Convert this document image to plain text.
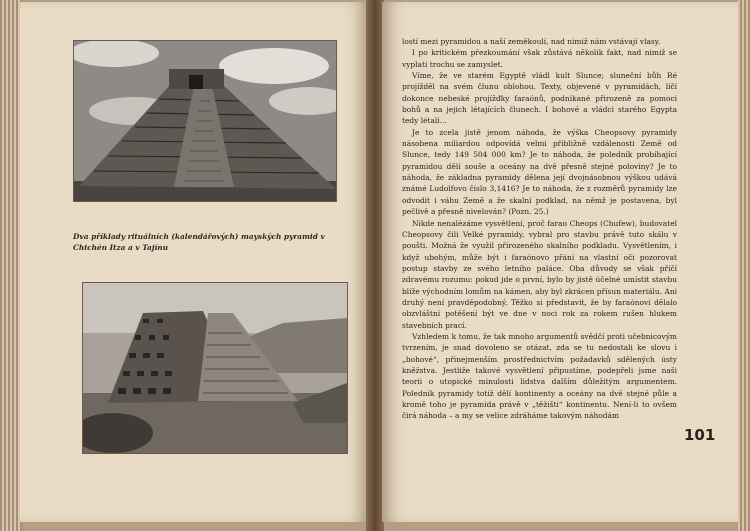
Dva příklady rituálních (kalendářových) mayských pyramid v Chichén Itza a v Tajínu

lostí mezi pyramidou a naší zeměkoulí, nad nimiž nám vstávají vlasy.

I po kritickém přezkoumání však zůstává několik fakt, nad nimiž se vyplatí trochu se zamyslet.

Víme, že ve starém Egyptě vládl kult Slunce; sluneční bůh Ré projížděl na svém člunu oblohou. Texty, objevené v pyramidách, líčí dokonce nebeské projížďky faraónů, podnikané přirozeně za pomoci bohů a na jejich létajících člunech. I bohové a vládci starého Egypta tedy létali…

Je to zcela jistě jenom náhoda, že výška Cheopsovy pyramidy násobena miliardou odpovídá velmi přibližně vzdálenosti Země od Slunce, tedy 149 504 000 km? Je to náhoda, že poledník probíhající pyramidou dělí souše a oceány na dvě přesně stejné poloviny? Je to náhoda, že základna pyramidy dělena její dvojnásobnou výškou udává známé Ludolfovo číslo 3,1416? Je to náhoda, že z rozměrů pyramidy lze odvodit i váhu Země a že skalní podklad, na němž je postavena, byl pečlivě a přesně nivelován? (Pozn. 25.)

Nikde nenalézáme vysvětlení, proč farao Cheops (Chufew), budovatel Cheopsovy čili Velké pyramidy, vybral pro stavbu právě tuto skálu v poušti. Možná že využil přirozeného skalního podkladu. Vysvětlením, i když ubohým, může být i faraónovo přání na vlastní oči pozorovat postup stavby ze svého letního paláce. Oba důvody se však příčí zdravému rozumu: pokud jde o první, bylo by jistě účelné umístit stavbu blíže východním lomům na kámen, aby byl zkrácen přísun materiálu. Ani druhý není pravděpodobný. Těžko si představit, že by faraónovi dělalo obzvláštní potěšení být ve dne v noci rok za rokem rušen hlukem stavebních prací.

Vzhledem k tomu, že tak mnoho argumentů svědčí proti učebnicovým tvrzením, je snad dovoleno se otázat, zda se tu nedostali ke slovu i „bohové“, přinejmenším prostřednictvím požadavků sdělených ústy kněžstva. Jestliže takové vysvětlení připustíme, podepřeli jsme naši teorii o utopické minulosti lidstva dalším důležitým argumentem. Poledník pyramidy totiž dělí kontinenty a oceány na dvě stejné půle a kromě toho je pyramida právě v „těžišti“ kontinentu. Není-li to ovšem čirá náhoda – a my se velice zdráháme takovým náhodám

101
